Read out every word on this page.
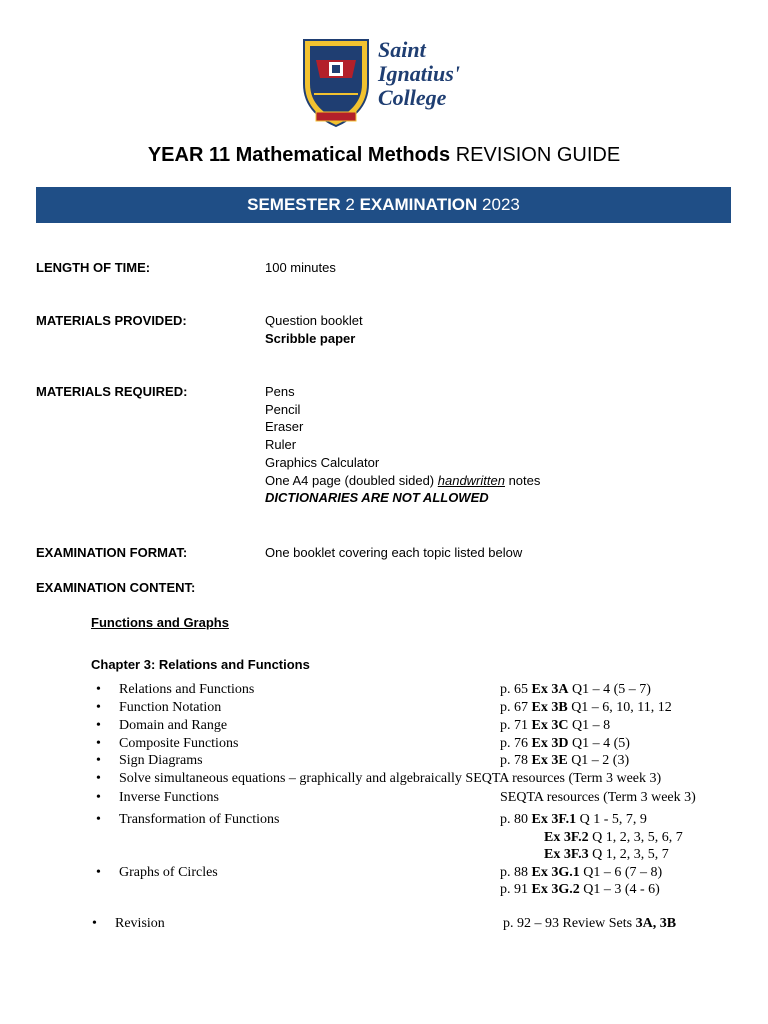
Saint
Ignatius'
College
YEAR 11 Mathematical Methods REVISION GUIDE
SEMESTER 2 EXAMINATION 2023
LENGTH OF TIME:	100 minutes
MATERIALS PROVIDED:	Question booklet
Scribble paper
MATERIALS REQUIRED:	Pens
Pencil
Eraser
Ruler
Graphics Calculator
One A4 page (doubled sided) handwritten notes
DICTIONARIES ARE NOT ALLOWED
EXAMINATION FORMAT:	One booklet covering each topic listed below
EXAMINATION CONTENT:
Functions and Graphs
Chapter 3: Relations and Functions
• Relations and Functions	p. 65 Ex 3A Q1 – 4 (5 – 7)
• Function Notation	p. 67 Ex 3B Q1 – 6, 10, 11, 12
• Domain and Range	p. 71 Ex 3C Q1 – 8
• Composite Functions	p. 76 Ex 3D Q1 – 4 (5)
• Sign Diagrams	p. 78 Ex 3E Q1 – 2 (3)
• Solve simultaneous equations – graphically and algebraically SEQTA resources (Term 3 week 3)
• Inverse Functions	SEQTA resources (Term 3 week 3)
• Transformation of Functions	p. 80 Ex 3F.1 Q 1 - 5, 7, 9
Ex 3F.2 Q 1, 2, 3, 5, 6, 7
Ex 3F.3 Q 1, 2, 3, 5, 7
• Graphs of Circles	p. 88 Ex 3G.1 Q1 – 6 (7 – 8)
p. 91 Ex 3G.2 Q1 – 3 (4 - 6)
• Revision	p. 92 – 93 Review Sets 3A, 3B
